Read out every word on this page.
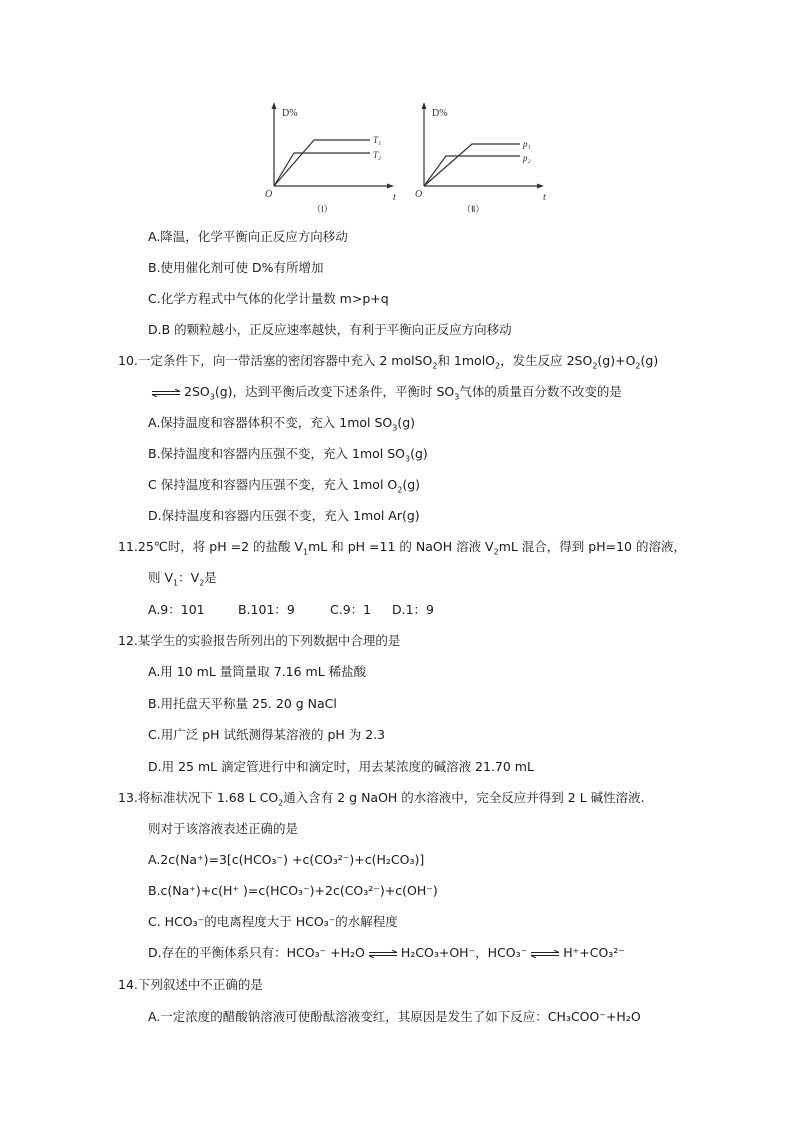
D%
t
O
T₁
T₂
（Ⅰ）
D%
t
O
p₁
p₂
（Ⅱ）
A.降温，化学平衡向正反应方向移动
B.使用催化剂可使 D%有所增加
C.化学方程式中气体的化学计量数 m>p+q
D.B 的颗粒越小，正反应速率越快，有利于平衡向正反应方向移动
10.一定条件下，向一带活塞的密闭容器中充入 2 molSO$_2$和 1molO$_2$，发生反应 $2SO_2(g)+O_2(g)$
⇌ $2SO_3(g)$，达到平衡后改变下述条件，平衡时 $SO_3$气体的质量百分数不改变的是
A.保持温度和容器体积不变，充入 1mol $SO_3(g)$
B.保持温度和容器内压强不变，充入 1mol $SO_3(g)$
C 保持温度和容器内压强不变，充入 1mol $O_2(g)$
D.保持温度和容器内压强不变，充入 1mol Ar(g)
11.25℃时，将 pH =2 的盐酸 $V_1mL$ 和 pH =11 的 NaOH 溶液 $V_2mL$ 混合，得到 pH=10 的溶液，
则 $V_1$：$V_2$是
A.9：101	B.101：9	C.9：1 D.1：9
12.某学生的实验报告所列出的下列数据中合理的是
A.用 10 mL 量筒量取 7.16 mL 稀盐酸
B.用托盘天平称量 25. 20 g NaCl
C.用广泛 pH 试纸测得某溶液的 pH 为 2.3
D.用 25 mL 滴定管进行中和滴定时，用去某浓度的碱溶液 21.70 mL
13.将标准状况下 1.68 L $CO_2$通入含有 2 g NaOH 的水溶液中，完全反应并得到 2 L 碱性溶液.
则对于该溶液表述正确的是
A.2c(Na⁺)=3[c(HCO₃⁻) +c(CO₃²⁻)+c(H₂CO₃)]
B.c(Na⁺)+c(H⁺ )=c(HCO₃⁻)+2c(CO₃²⁻)+c(OH⁻)
C. HCO₃⁻的电离程度大于 HCO₃⁻的水解程度
D.存在的平衡体系只有：HCO₃⁻ +H₂O ⇌ H₂CO₃+OH⁻，HCO₃⁻ ⇌ H⁺+CO₃²⁻
14.下列叙述中不正确的是
A.一定浓度的醋酸钠溶液可使酚酞溶液变红，其原因是发生了如下反应：CH₃COO⁻+H₂O
